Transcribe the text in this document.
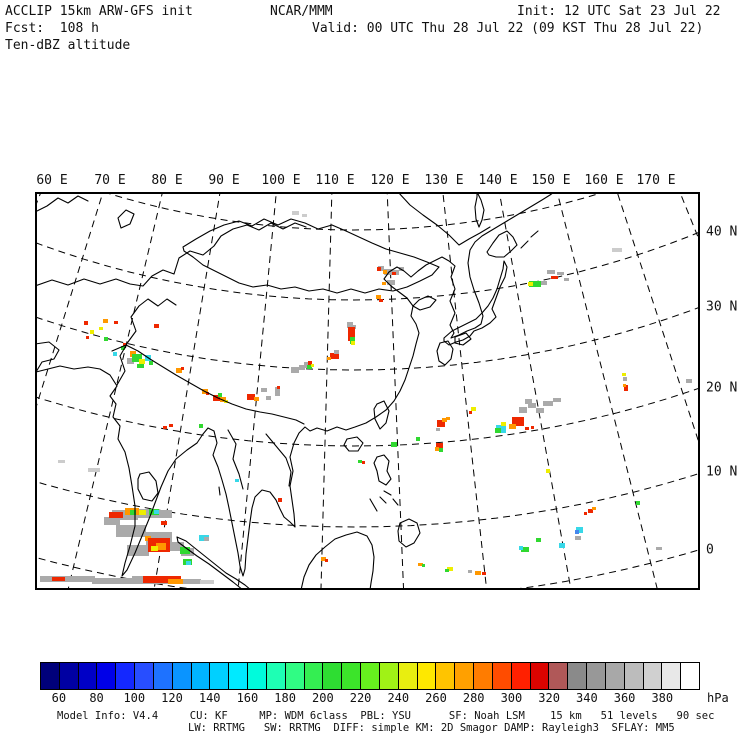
ACCLIP 15km ARW-GFS init
Fcst:  108 h
Ten-dBZ altitude
NCAR/MMM	Init: 12 UTC Sat 23 Jul 22
Valid: 00 UTC Thu 28 Jul 22 (09 KST Thu 28 Jul 22)
60 E 70 E 80 E 90 E 100 E 110 E 120 E 130 E 140 E 150 E 160 E 170 E
40 N
30 N
20 N
10 N
0
60 80 100 120 140 160 180 200 220 240 260 280 300 320 340 360 380	hPa
Model Info: V4.4     CU: KF     MP: WDM 6class  PBL: YSU      SF: Noah LSM    15 km   51 levels   90 sec
LW: RRTMG   SW: RRTMG  DIFF: simple KM: 2D Smagor DAMP: Rayleigh3  SFLAY: MM5
